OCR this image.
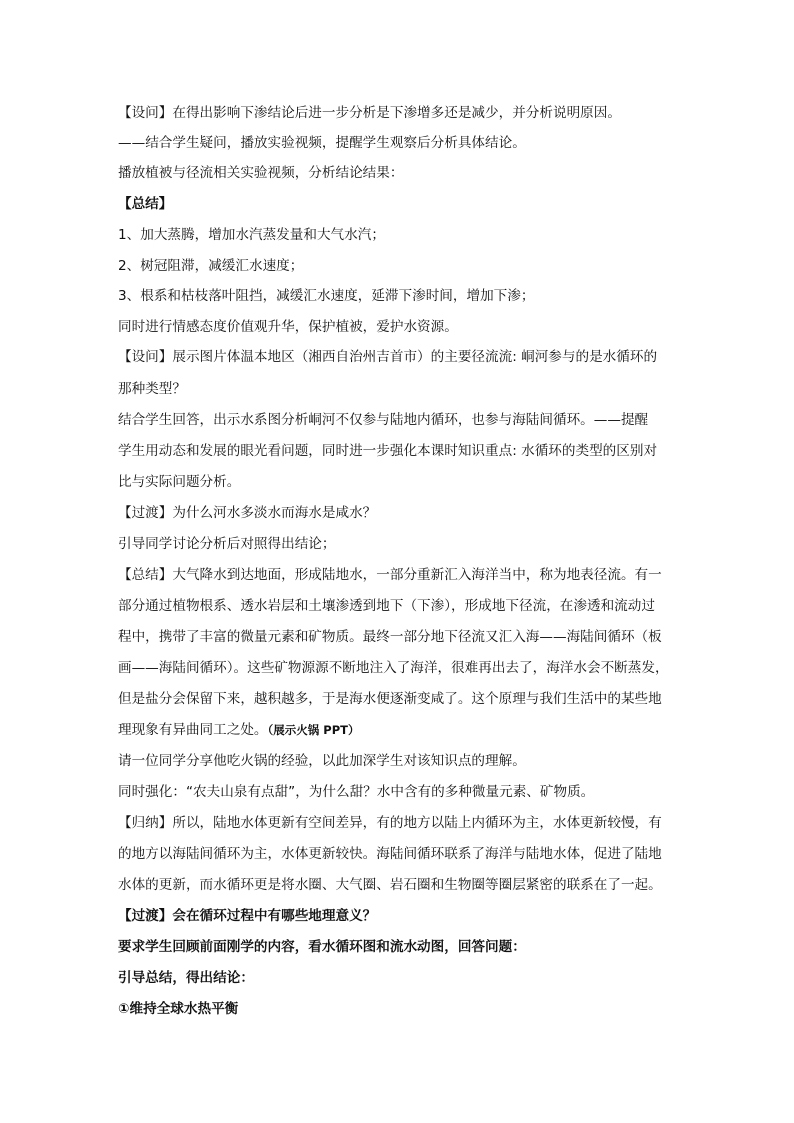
【设问】在得出影响下渗结论后进一步分析是下渗增多还是减少，并分析说明原因。
——结合学生疑问，播放实验视频，提醒学生观察后分析具体结论。
播放植被与径流相关实验视频，分析结论结果：
【总结】
1、加大蒸腾，增加水汽蒸发量和大气水汽；
2、树冠阻滞，减缓汇水速度；
3、根系和枯枝落叶阻挡，减缓汇水速度，延滞下渗时间，增加下渗；
同时进行情感态度价值观升华，保护植被，爱护水资源。
【设问】展示图片体温本地区（湘西自治州吉首市）的主要径流流: 峒河参与的是水循环的
那种类型？
结合学生回答，出示水系图分析峒河不仅参与陆地内循环，也参与海陆间循环。——提醒
学生用动态和发展的眼光看问题，同时进一步强化本课时知识重点: 水循环的类型的区别对
比与实际问题分析。
【过渡】为什么河水多淡水而海水是咸水？
引导同学讨论分析后对照得出结论；
【总结】大气降水到达地面，形成陆地水，一部分重新汇入海洋当中，称为地表径流。有一
部分通过植物根系、透水岩层和土壤渗透到地下（下渗），形成地下径流，在渗透和流动过
程中，携带了丰富的微量元素和矿物质。最终一部分地下径流又汇入海——海陆间循环（板
画——海陆间循环）。这些矿物源源不断地注入了海洋，很难再出去了，海洋水会不断蒸发，
但是盐分会保留下来，越积越多，于是海水便逐渐变咸了。这个原理与我们生活中的某些地
理现象有异曲同工之处。（展示火锅 PPT）
请一位同学分享他吃火锅的经验，以此加深学生对该知识点的理解。
同时强化：“农夫山泉有点甜”，为什么甜？水中含有的多种微量元素、矿物质。
【归纳】所以，陆地水体更新有空间差异，有的地方以陆上内循环为主，水体更新较慢，有
的地方以海陆间循环为主，水体更新较快。海陆间循环联系了海洋与陆地水体，促进了陆地
水体的更新，而水循环更是将水圈、大气圈、岩石圈和生物圈等圈层紧密的联系在了一起。
【过渡】会在循环过程中有哪些地理意义？
要求学生回顾前面刚学的内容，看水循环图和流水动图，回答问题：
引导总结，得出结论：
①维持全球水热平衡
